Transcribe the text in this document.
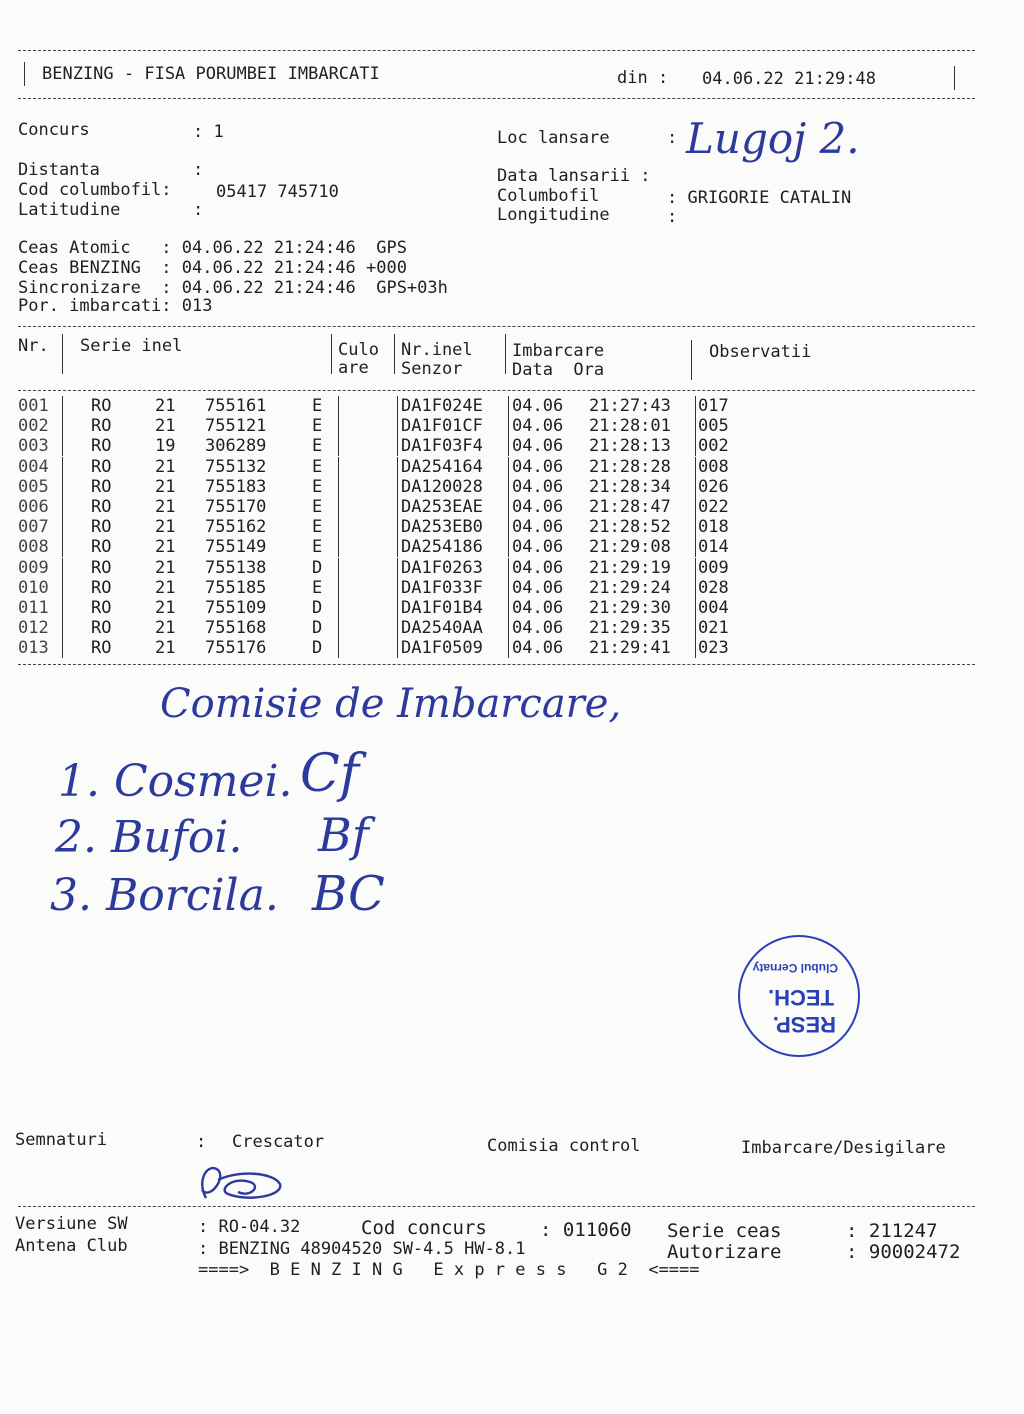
BENZING - FISA PORUMBEI IMBARCATI	din : 04.06.22 21:29:48
Concurs	: 1
Distanta	:
Cod columbofil:	05417 745710
Latitudine	:
Loc lansare	: Lugoj 2.
Data lansarii :
Columbofil	: GRIGORIE CATALIN
Longitudine	:
Ceas Atomic   : 04.06.22 21:24:46  GPS
Ceas BENZING  : 04.06.22 21:24:46 +000
Sincronizare  : 04.06.22 21:24:46  GPS+03h
Por. imbarcati: 013
Nr. Serie inel	Culo
are
Nr.inel
Senzor
Imbarcare
Data  Ora
Observatii
001 RO	21 755161	E	DA1F024E 04.06 21:27:43 017
002 RO	21 755121	E	DA1F01CF 04.06 21:28:01 005
003 RO	19 306289	E	DA1F03F4 04.06 21:28:13 002
004 RO	21 755132	E	DA254164 04.06 21:28:28 008
005 RO	21 755183	E	DA120028 04.06 21:28:34 026
006 RO	21 755170	E	DA253EAE 04.06 21:28:47 022
007 RO	21 755162	E	DA253EB0 04.06 21:28:52 018
008 RO	21 755149	E	DA254186 04.06 21:29:08 014
009 RO	21 755138	D	DA1F0263 04.06 21:29:19 009
010 RO	21 755185	E	DA1F033F 04.06 21:29:24 028
011 RO	21 755109	D	DA1F01B4 04.06 21:29:30 004
012 RO	21 755168	D	DA2540AA 04.06 21:29:35 021
013 RO	21 755176	D	DA1F0509 04.06 21:29:41 023
Comisie de Imbarcare,
1. Cosmei. Cf
2. Bufoi. Bf
3. Borcila. BC
RESP.
TECH.
Clubul Cernaty
Semnaturi	: Crescator	Comisia control	Imbarcare/Desigilare
Versiune SW	: RO-04.32	Cod concurs	: 011060 Serie ceas	: 211247
Antena Club	: BENZING 48904520 SW-4.5 HW-8.1	Autorizare	: 90002472
====>  B E N Z I N G   E x p r e s s   G 2  <====
